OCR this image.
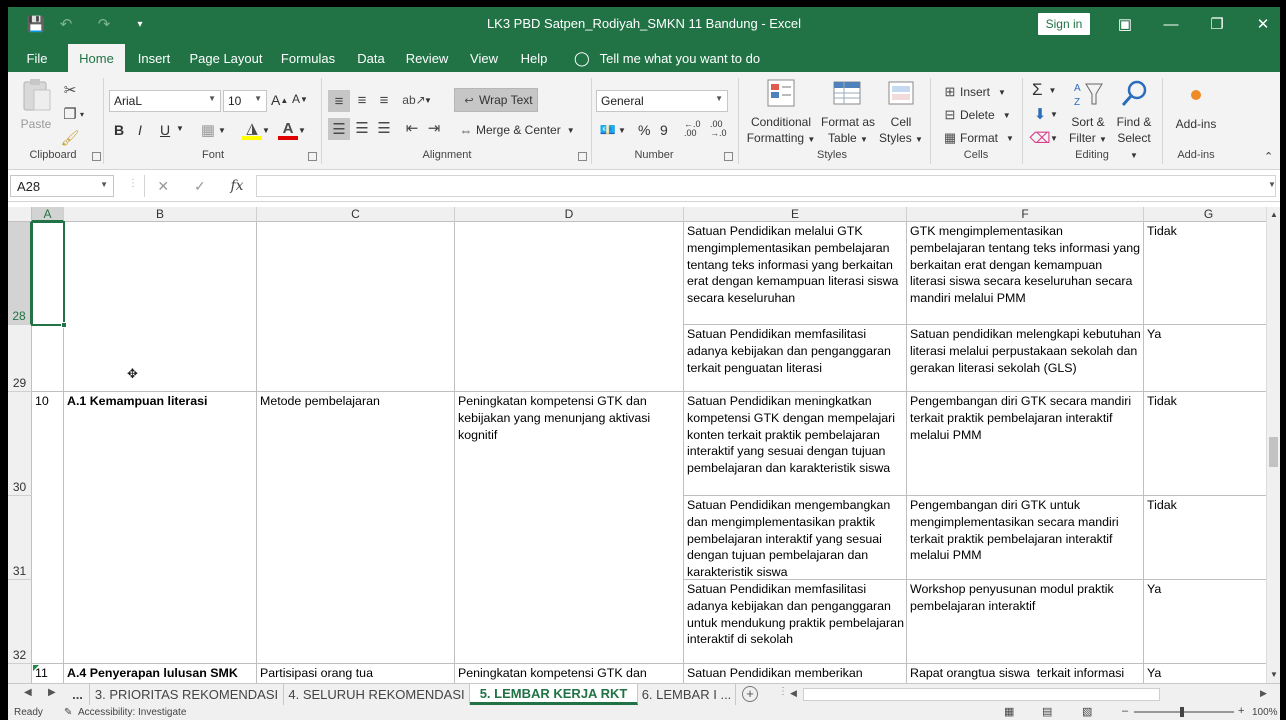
💾 ↶	↷	▾	LK3 PBD Satpen_Rodiyah_SMKN 11 Bandung - Excel	Sign in	▣	—	❐	✕
File	Home	Insert	Page Layout	Formulas	Data	Review	View	Help	◯ Tell me what you want to do
Paste
✂
❐ ▾
🖌
Clipboard
AriaL	▼ 10 ▼ A ▲ A ▼
B I U ▼ ▦ ▼ ◮ ▼ A ▼
Font
≡ ≡ ≡	ab↗
▼	↩ Wrap Text
☰ ☰ ☰ ⇤ ⇥ ⇔ Merge & Center ▼
Alignment
General	▼
💶 ▼ % 9 ←.0
.00
.00
→.0
Number
Conditional
Formatting ▼
Format as
Table ▼
Cell
Styles ▼
Styles
⊞ Insert ▼
⊟ Delete ▼
▦ Format ▼
Cells
Σ ▼
⬇ ▼
⌫ ▼
A
Z
Sort &
Filter ▼
Find &
Select ▼
Editing
Add-ins
Add-ins	⌃
A28	▼ ⋮ ✕ ✓ fx	▼
A	B	C	D	E	F	G
28
29
30
31
32
Satuan Pendidikan melalui GTK mengimplementasikan pembelajaran tentang teks informasi yang berkaitan erat dengan kemampuan literasi siswa secara keseluruhan
GTK mengimplementasikan pembelajaran tentang teks informasi yang berkaitan erat dengan kemampuan literasi siswa secara keseluruhan secara mandiri melalui PMM
Tidak
Satuan Pendidikan memfasilitasi adanya kebijakan dan penganggaran terkait penguatan literasi
Satuan pendidikan melengkapi kebutuhan literasi melalui perpustakaan sekolah dan gerakan literasi sekolah (GLS)
Ya
10	A.1 Kemampuan literasi	Metode pembelajaran	Peningkatan kompetensi GTK dan kebijakan yang menunjang aktivasi kognitif
Satuan Pendidikan meningkatkan kompetensi GTK dengan mempelajari konten terkait praktik pembelajaran interaktif yang sesuai dengan tujuan pembelajaran dan karakteristik siswa
Pengembangan diri GTK secara mandiri terkait praktik pembelajaran interaktif melalui PMM
Tidak
Satuan Pendidikan mengembangkan dan mengimplementasikan praktik pembelajaran interaktif yang sesuai dengan tujuan pembelajaran dan karakteristik siswa
Pengembangan diri GTK untuk mengimplementasikan secara mandiri terkait praktik pembelajaran interaktif melalui PMM
Tidak
Satuan Pendidikan memfasilitasi adanya kebijakan dan penganggaran untuk mendukung praktik pembelajaran interaktif di sekolah
Workshop penyusunan modul praktik pembelajaran interaktif
Ya
11	A.4 Penyerapan lulusan SMK	Partisipasi orang tua	Peningkatan kompetensi GTK dan	Satuan Pendidikan memberikan	Rapat orangtua siswa  terkait informasi	Ya
✥
▲
▼
◀ ▶	... 3. PRIORITAS REKOMENDASI 4. SELURUH REKOMENDASI	5. LEMBAR KERJA RKT	6. LEMBAR I ...	+	⋮ ◀	▶
Ready ✎ Accessibility: Investigate	▦	▤	▧	–	+ 100%
